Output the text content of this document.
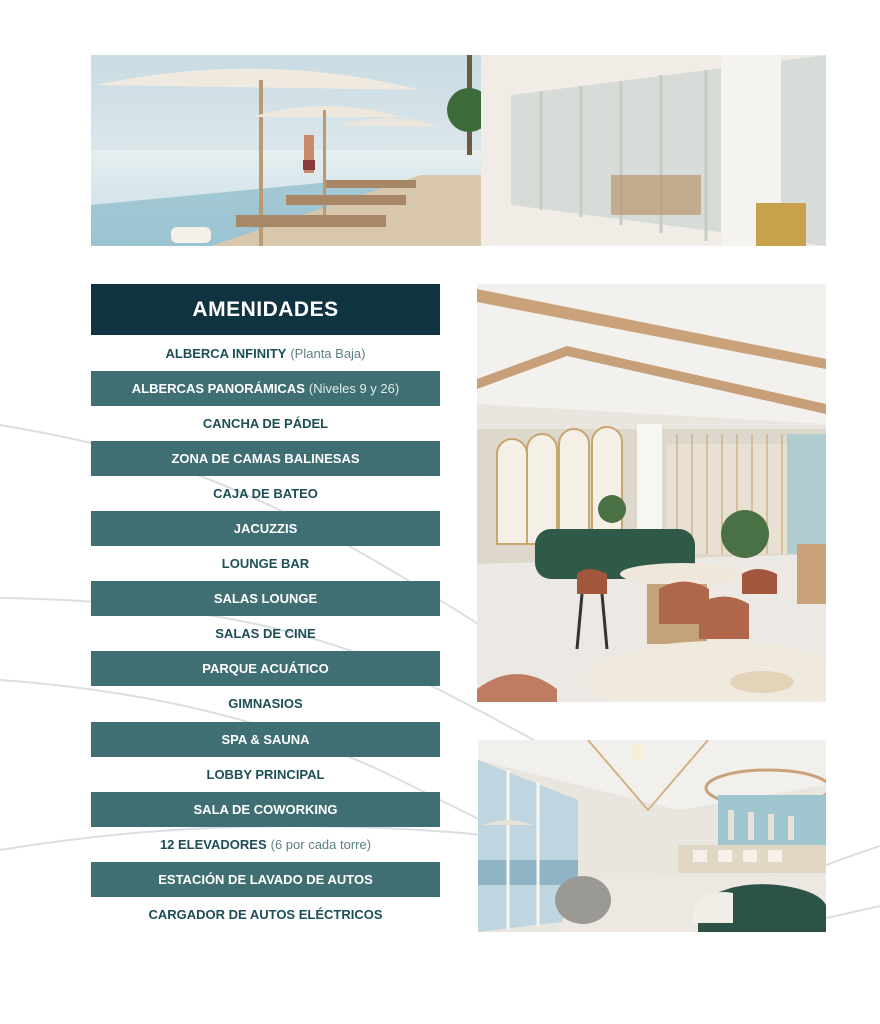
AMENIDADES
ALBERCA INFINITY (Planta Baja)
ALBERCAS PANORÁMICAS (Niveles 9 y 26)
CANCHA DE PÁDEL
ZONA DE CAMAS BALINESAS
CAJA DE BATEO
JACUZZIS
LOUNGE BAR
SALAS LOUNGE
SALAS DE CINE
PARQUE ACUÁTICO
GIMNASIOS
SPA & SAUNA
LOBBY PRINCIPAL
SALA DE COWORKING
12 ELEVADORES (6 por cada torre)
ESTACIÓN DE LAVADO DE AUTOS
CARGADOR DE AUTOS ELÉCTRICOS
